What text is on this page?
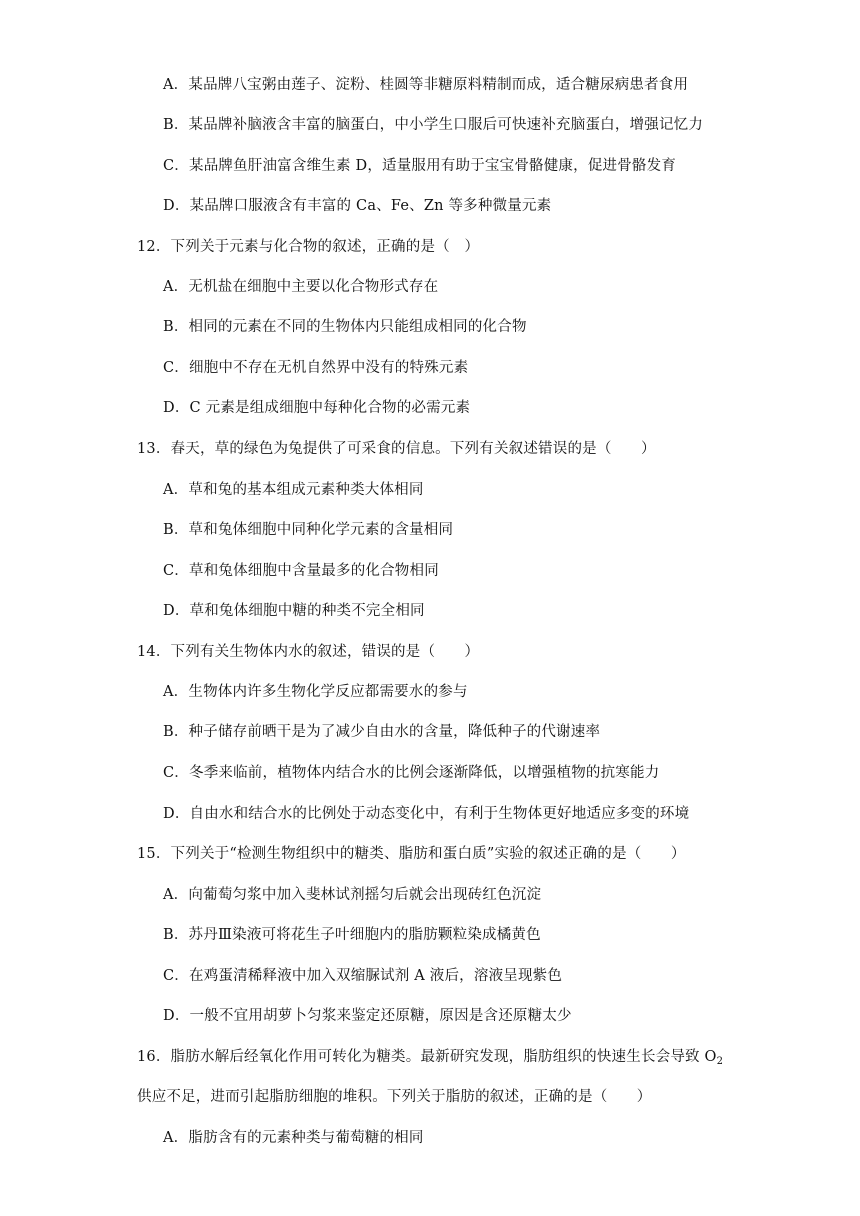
A．某品牌八宝粥由莲子、淀粉、桂圆等非糖原料精制而成，适合糖尿病患者食用
B．某品牌补脑液含丰富的脑蛋白，中小学生口服后可快速补充脑蛋白，增强记忆力
C．某品牌鱼肝油富含维生素 D，适量服用有助于宝宝骨骼健康，促进骨骼发育
D．某品牌口服液含有丰富的 Ca、Fe、Zn 等多种微量元素
12．下列关于元素与化合物的叙述，正确的是（　）
A．无机盐在细胞中主要以化合物形式存在
B．相同的元素在不同的生物体内只能组成相同的化合物
C．细胞中不存在无机自然界中没有的特殊元素
D．C 元素是组成细胞中每种化合物的必需元素
13．春天，草的绿色为兔提供了可采食的信息。下列有关叙述错误的是（　　）
A．草和兔的基本组成元素种类大体相同
B．草和兔体细胞中同种化学元素的含量相同
C．草和兔体细胞中含量最多的化合物相同
D．草和兔体细胞中糖的种类不完全相同
14．下列有关生物体内水的叙述，错误的是（　　）
A．生物体内许多生物化学反应都需要水的参与
B．种子储存前晒干是为了减少自由水的含量，降低种子的代谢速率
C．冬季来临前，植物体内结合水的比例会逐渐降低，以增强植物的抗寒能力
D．自由水和结合水的比例处于动态变化中，有利于生物体更好地适应多变的环境
15．下列关于“检测生物组织中的糖类、脂肪和蛋白质”实验的叙述正确的是（　　）
A．向葡萄匀浆中加入斐林试剂摇匀后就会出现砖红色沉淀
B．苏丹Ⅲ染液可将花生子叶细胞内的脂肪颗粒染成橘黄色
C．在鸡蛋清稀释液中加入双缩脲试剂 A 液后，溶液呈现紫色
D．一般不宜用胡萝卜匀浆来鉴定还原糖，原因是含还原糖太少
16．脂肪水解后经氧化作用可转化为糖类。最新研究发现，脂肪组织的快速生长会导致 $O_2$
供应不足，进而引起脂肪细胞的堆积。下列关于脂肪的叙述，正确的是（　　）
A．脂肪含有的元素种类与葡萄糖的相同
